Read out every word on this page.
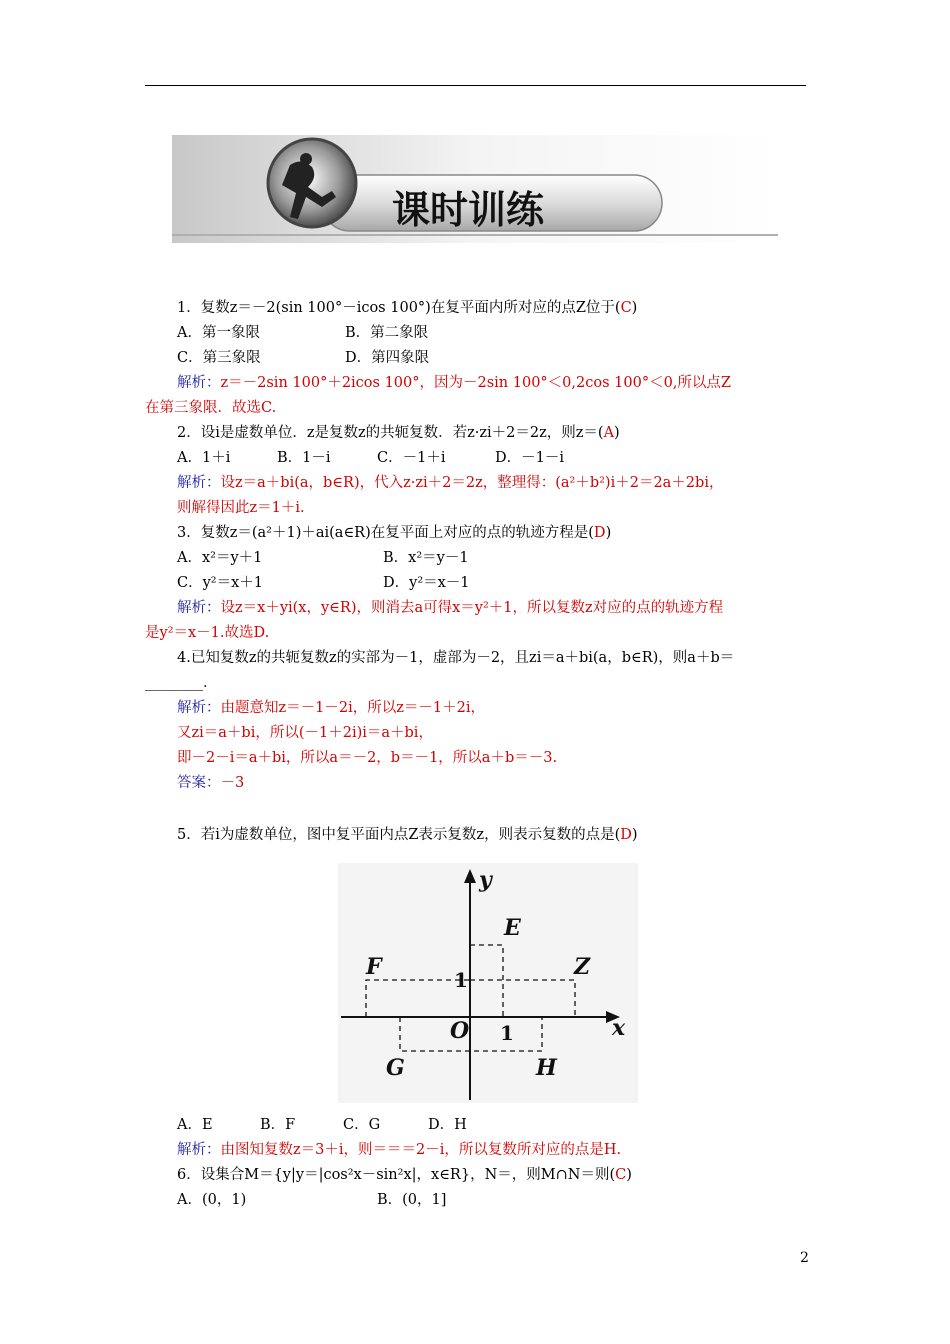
课时训练
1．复数z＝－2(sin 100°－icos 100°)在复平面内所对应的点Z位于(C)
A．第一象限	B．第二象限
C．第三象限	D．第四象限
解析：z＝－2sin 100°＋2icos 100°，因为－2sin 100°＜0,2cos 100°＜0,所以点Z
在第三象限．故选C.
2．设i是虚数单位．z是复数z的共轭复数．若z·zi＋2＝2z，则z＝(A)
A．1＋i	B．1－i	C．－1＋i	D．－1－i
解析：设z＝a＋bi(a，b∈R)，代入z·zi＋2＝2z，整理得：(a²＋b²)i＋2＝2a＋2bi，
则解得因此z＝1＋i.
3．复数z＝(a²＋1)＋ai(a∈R)在复平面上对应的点的轨迹方程是(D)
A．x²＝y＋1	B．x²＝y－1
C．y²＝x＋1	D．y²＝x－1
解析：设z＝x＋yi(x，y∈R)，则消去a可得x＝y²＋1，所以复数z对应的点的轨迹方程
是y²＝x－1.故选D.
4.已知复数z的共轭复数z的实部为－1，虚部为－2，且zi＝a＋bi(a，b∈R)，则a＋b＝
________．
解析：由题意知z＝－1－2i，所以z＝－1＋2i，
又zi＝a＋bi，所以(－1＋2i)i＝a＋bi，
即－2－i＝a＋bi，所以a＝－2，b＝－1，所以a＋b＝－3.
答案：－3
5．若i为虚数单位，图中复平面内点Z表示复数z，则表示复数的点是(D)
y
x
O
E
F	Z
G	H
1
1
A．E	B．F	C．G	D．H
解析：由图知复数z＝3＋i，则＝＝＝2－i，所以复数所对应的点是H.
6．设集合M＝{y|y＝|cos²x－sin²x|，x∈R}，N＝，则M∩N＝则(C)
A．(0，1)	B．(0，1]
2
